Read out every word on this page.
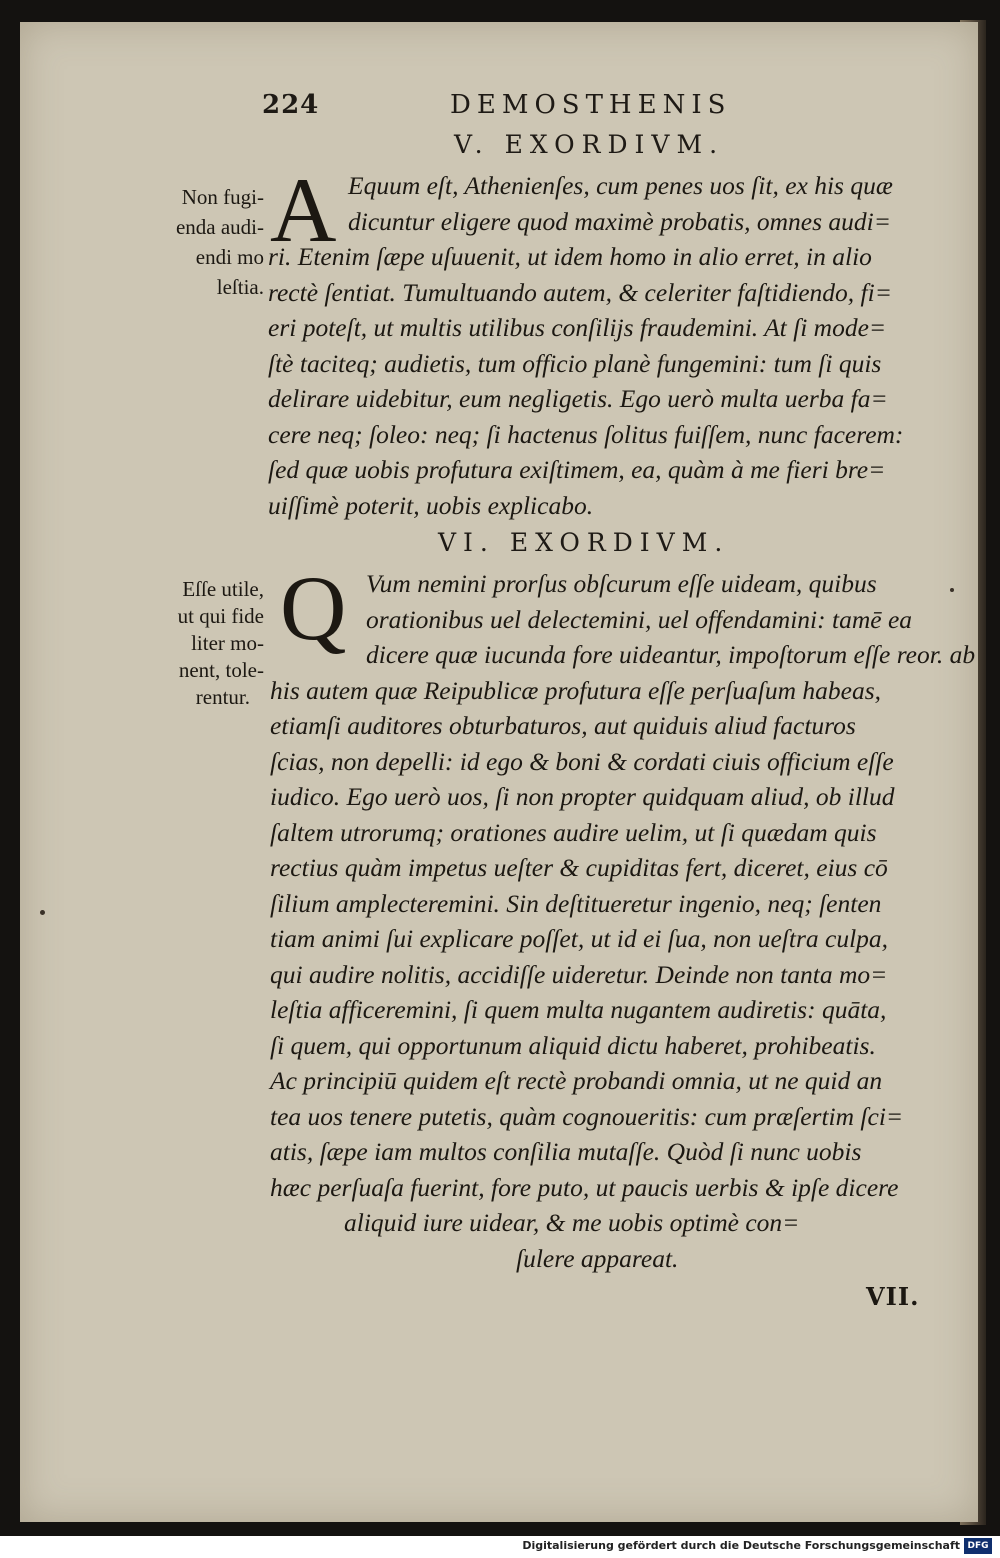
224	DEMOSTHENIS
V. EXORDIVM.
Non fugi-
enda audi-
endi mo
leſtia.
A Equum eſt, Athenienſes, cum penes uos ſit, ex his quæ
dicuntur eligere quod maximè probatis, omnes audi=
ri. Etenim ſæpe uſuuenit, ut idem homo in alio erret, in alio
rectè ſentiat. Tumultuando autem, & celeriter faſtidiendo, fi=
eri poteſt, ut multis utilibus conſilijs fraudemini. At ſi mode=
ſtè taciteq; audietis, tum officio planè fungemini: tum ſi quis
delirare uidebitur, eum negligetis. Ego uerò multa uerba fa=
cere neq; ſoleo: neq; ſi hactenus ſolitus fuiſſem, nunc facerem:
ſed quæ uobis profutura exiſtimem, ea, quàm à me fieri bre=
uiſſimè poterit, uobis explicabo.
VI. EXORDIVM.
Eſſe utile,
ut qui fide
liter mo-
nent, tole-
rentur.
Q Vum nemini prorſus obſcurum eſſe uideam, quibus
orationibus uel delectemini, uel offendamini: tamē ea
dicere quæ iucunda fore uideantur, impoſtorum eſſe reor. ab
his autem quæ Reipublicæ profutura eſſe perſuaſum habeas,
etiamſi auditores obturbaturos, aut quiduis aliud facturos
ſcias, non depelli: id ego & boni & cordati ciuis officium eſſe
iudico. Ego uerò uos, ſi non propter quidquam aliud, ob illud
ſaltem utrorumq; orationes audire uelim, ut ſi quædam quis
rectius quàm impetus ueſter & cupiditas fert, diceret, eius cō
ſilium amplecteremini. Sin deſtitueretur ingenio, neq; ſenten
tiam animi ſui explicare poſſet, ut id ei ſua, non ueſtra culpa,
qui audire nolitis, accidiſſe uideretur. Deinde non tanta mo=
leſtia afficeremini, ſi quem multa nugantem audiretis: quāta,
ſi quem, qui opportunum aliquid dictu haberet, prohibeatis.
Ac principiū quidem eſt rectè probandi omnia, ut ne quid an
tea uos tenere putetis, quàm cognoueritis: cum præſertim ſci=
atis, ſæpe iam multos conſilia mutaſſe. Quòd ſi nunc uobis
hæc perſuaſa fuerint, fore puto, ut paucis uerbis & ipſe dicere
aliquid iure uidear, & me uobis optimè con=
ſulere appareat.
VII.
Digitalisierung gefördert durch die Deutsche Forschungsgemeinschaft DFG
